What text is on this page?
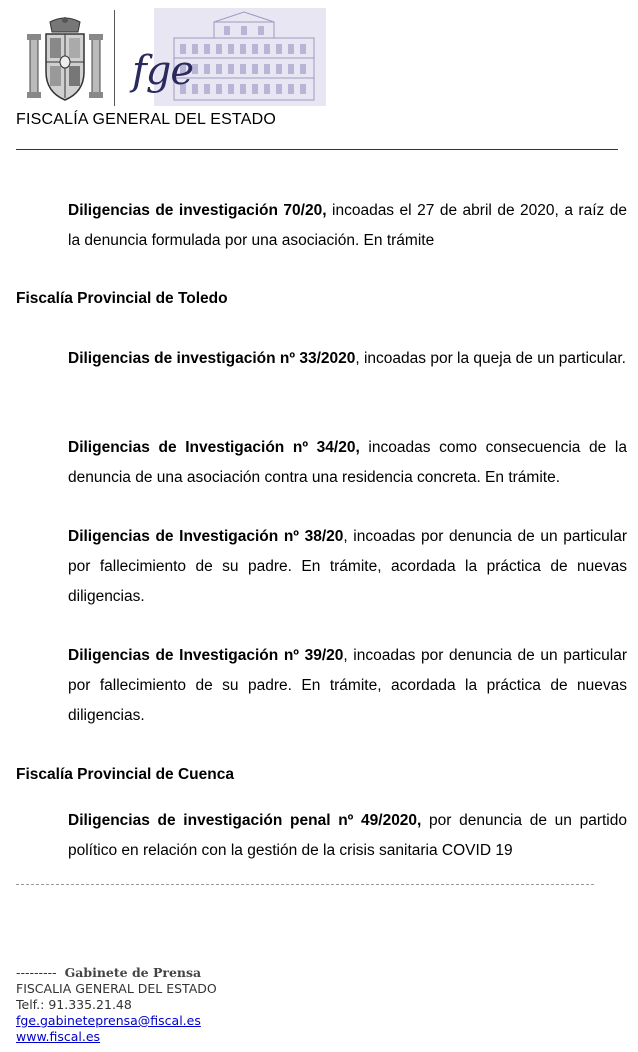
fge
FISCALÍA GENERAL DEL ESTADO
Diligencias de investigación 70/20, incoadas el 27 de abril de 2020, a raíz de la denuncia formulada por una asociación. En trámite
Fiscalía Provincial de Toledo
Diligencias de investigación nº 33/2020, incoadas por la queja de un particular.
Diligencias de Investigación nº 34/20, incoadas como consecuencia de la denuncia de una asociación contra una residencia concreta. En trámite.
Diligencias de Investigación nº 38/20, incoadas por denuncia de un particular por fallecimiento de su padre. En trámite, acordada la práctica de nuevas diligencias.
Diligencias de Investigación nº 39/20, incoadas por denuncia de un particular por fallecimiento de su padre. En trámite, acordada la práctica de nuevas diligencias.
Fiscalía Provincial de Cuenca
Diligencias de investigación penal nº 49/2020, por denuncia de un partido político en relación con la gestión de la crisis sanitaria COVID 19
--------- Gabinete de Prensa
FISCALIA GENERAL DEL ESTADO
Telf.: 91.335.21.48
fge.gabineteprensa@fiscal.es
www.fiscal.es
